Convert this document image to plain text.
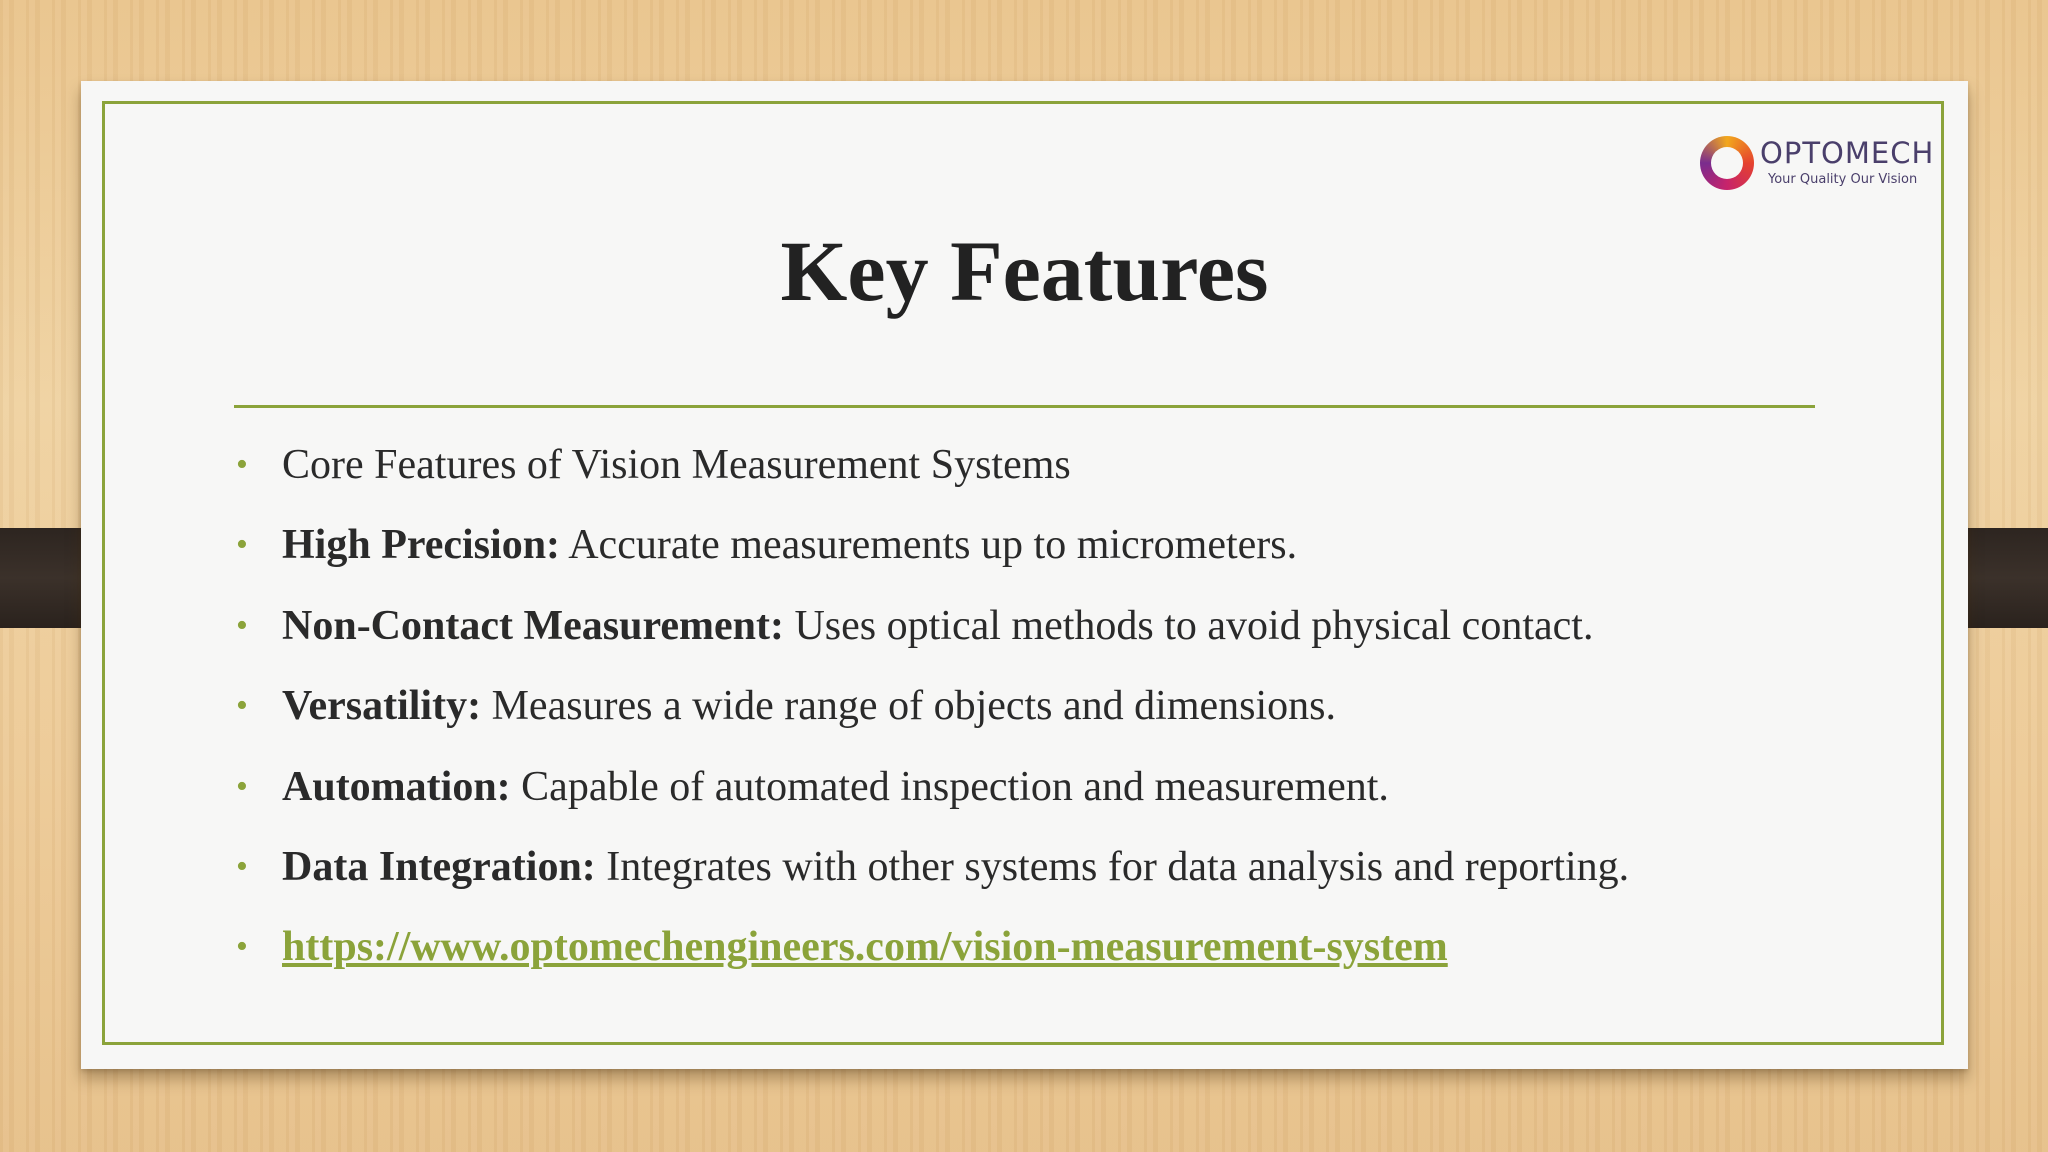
OPTOMECH
Your Quality Our Vision
Key Features
• Core Features of Vision Measurement Systems
• High Precision: Accurate measurements up to micrometers.
• Non-Contact Measurement: Uses optical methods to avoid physical contact.
• Versatility: Measures a wide range of objects and dimensions.
• Automation: Capable of automated inspection and measurement.
• Data Integration: Integrates with other systems for data analysis and reporting.
• https://www.optomechengineers.com/vision-measurement-system
